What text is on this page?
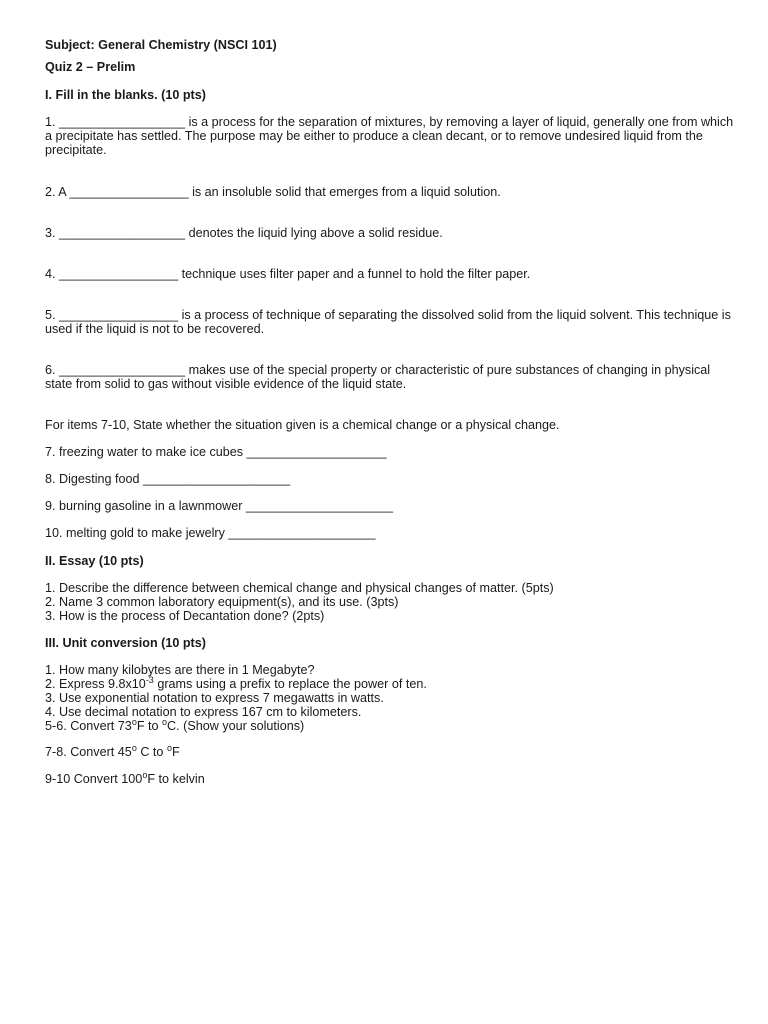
Subject: General Chemistry (NSCI 101)
Quiz 2 – Prelim
I. Fill in the blanks. (10 pts)
1. __________________ is a process for the separation of mixtures, by removing a layer of liquid, generally one from which a precipitate has settled. The purpose may be either to produce a clean decant, or to remove undesired liquid from the precipitate.
2. A _________________ is an insoluble solid that emerges from a liquid solution.
3. __________________ denotes the liquid lying above a solid residue.
4. _________________ technique uses filter paper and a funnel to hold the filter paper.
5. _________________ is a process of technique of separating the dissolved solid from the liquid solvent. This technique is used if the liquid is not to be recovered.
6. __________________ makes use of the special property or characteristic of pure substances of changing in physical state from solid to gas without visible evidence of the liquid state.
For items 7-10, State whether the situation given is a chemical change or a physical change.
7. freezing water to make ice cubes ____________________
8. Digesting food _____________________
9. burning gasoline in a lawnmower _____________________
10. melting gold to make jewelry _____________________
II. Essay (10 pts)
1. Describe the difference between chemical change and physical changes of matter. (5pts)
2. Name 3 common laboratory equipment(s), and its use. (3pts)
3. How is the process of Decantation done? (2pts)
III. Unit conversion (10 pts)
1. How many kilobytes are there in 1 Megabyte?
2. Express $9.8x10^{-3}$ grams using a prefix to replace the power of ten.
3. Use exponential notation to express 7 megawatts in watts.
4. Use decimal notation to express 167 cm to kilometers.
5-6. Convert 73$^o$F to $^o$C. (Show your solutions)
7-8. Convert 45$^o$ C to $^o$F
9-10 Convert 100$^o$F to kelvin
